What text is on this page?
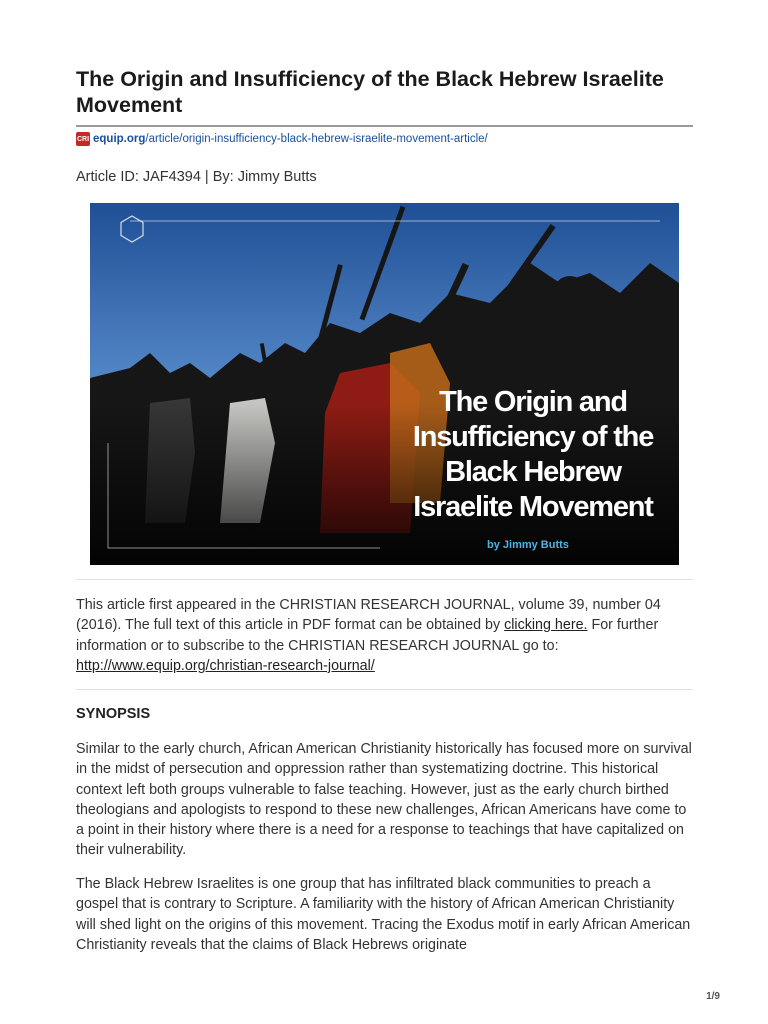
The Origin and Insufficiency of the Black Hebrew Israelite Movement
CRI equip.org /article/origin-insufficiency-black-hebrew-israelite-movement-article/
Article ID: JAF4394 | By: Jimmy Butts
The Origin and
Insufficiency of the
Black Hebrew
Israelite Movement
by Jimmy Butts

This article first appeared in the CHRISTIAN RESEARCH JOURNAL, volume 39, number 04 (2016). The full text of this article in PDF format can be obtained by clicking here. For further information or to subscribe to the CHRISTIAN RESEARCH JOURNAL go to: http://www.equip.org/christian-research-journal/

SYNOPSIS

Similar to the early church, African American Christianity historically has focused more on survival in the midst of persecution and oppression rather than systematizing doctrine. This historical context left both groups vulnerable to false teaching. However, just as the early church birthed theologians and apologists to respond to these new challenges, African Americans have come to a point in their history where there is a need for a response to teachings that have capitalized on their vulnerability.

The Black Hebrew Israelites is one group that has infiltrated black communities to preach a gospel that is contrary to Scripture. A familiarity with the history of African American Christianity will shed light on the origins of this movement. Tracing the Exodus motif in early African American Christianity reveals that the claims of Black Hebrews originate

1/9
